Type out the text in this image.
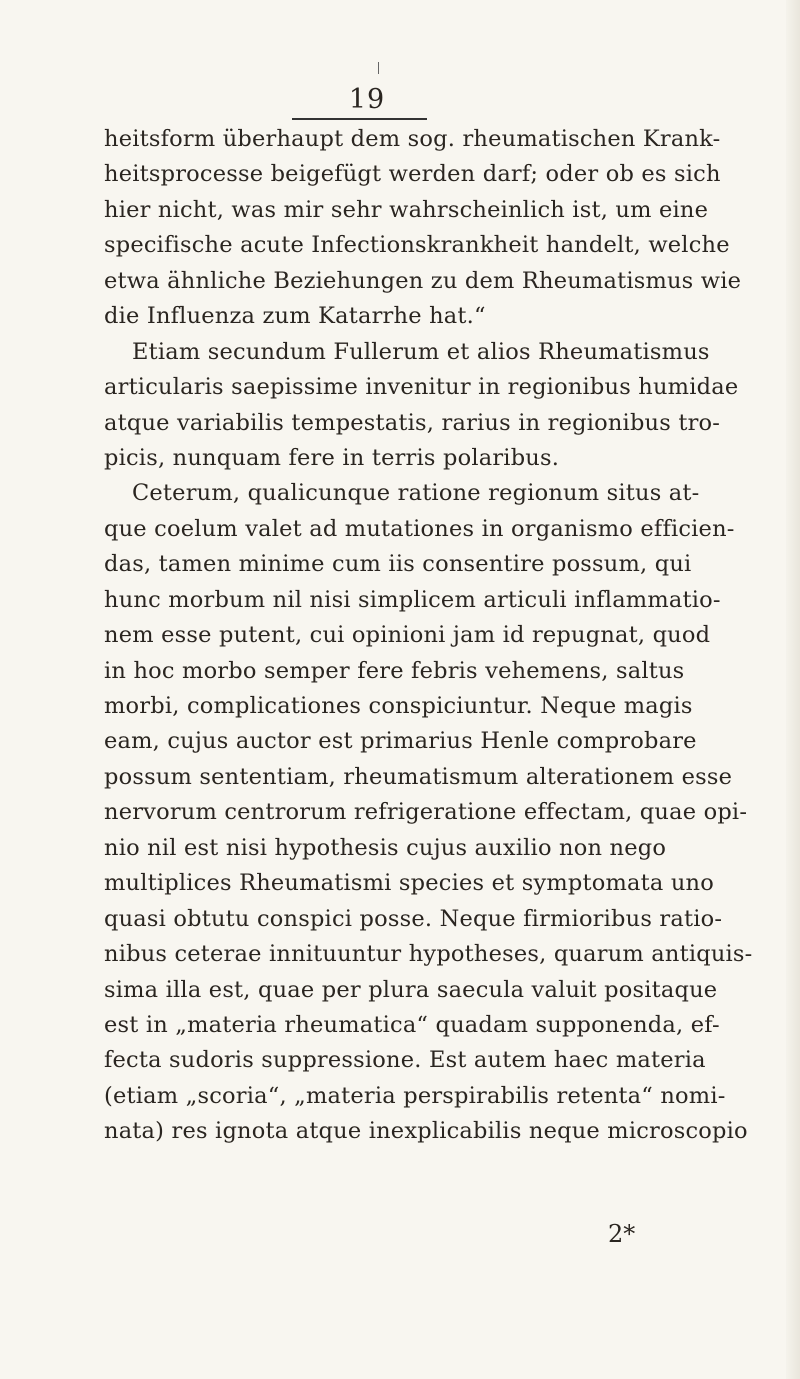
19
heitsform überhaupt dem sog. rheumatischen Krank-
heitsprocesse beigefügt werden darf; oder ob es sich
hier nicht, was mir sehr wahrscheinlich ist, um eine
specifische acute Infectionskrankheit handelt, welche
etwa ähnliche Beziehungen zu dem Rheumatismus wie
die Influenza zum Katarrhe hat.“
Etiam secundum Fullerum et alios Rheumatismus
articularis saepissime invenitur in regionibus humidae
atque variabilis tempestatis, rarius in regionibus tro-
picis, nunquam fere in terris polaribus.
Ceterum, qualicunque ratione regionum situs at-
que coelum valet ad mutationes in organismo efficien-
das, tamen minime cum iis consentire possum, qui
hunc morbum nil nisi simplicem articuli inflammatio-
nem esse putent, cui opinioni jam id repugnat, quod
in hoc morbo semper fere febris vehemens, saltus
morbi, complicationes conspiciuntur. Neque magis
eam, cujus auctor est primarius Henle comprobare
possum sententiam, rheumatismum alterationem esse
nervorum centrorum refrigeratione effectam, quae opi-
nio nil est nisi hypothesis cujus auxilio non nego
multiplices Rheumatismi species et symptomata uno
quasi obtutu conspici posse. Neque firmioribus ratio-
nibus ceterae innituuntur hypotheses, quarum antiquis-
sima illa est, quae per plura saecula valuit positaque
est in „materia rheumatica“ quadam supponenda, ef-
fecta sudoris suppressione. Est autem haec materia
(etiam „scoria“, „materia perspirabilis retenta“ nomi-
nata) res ignota atque inexplicabilis neque microscopio
2*
